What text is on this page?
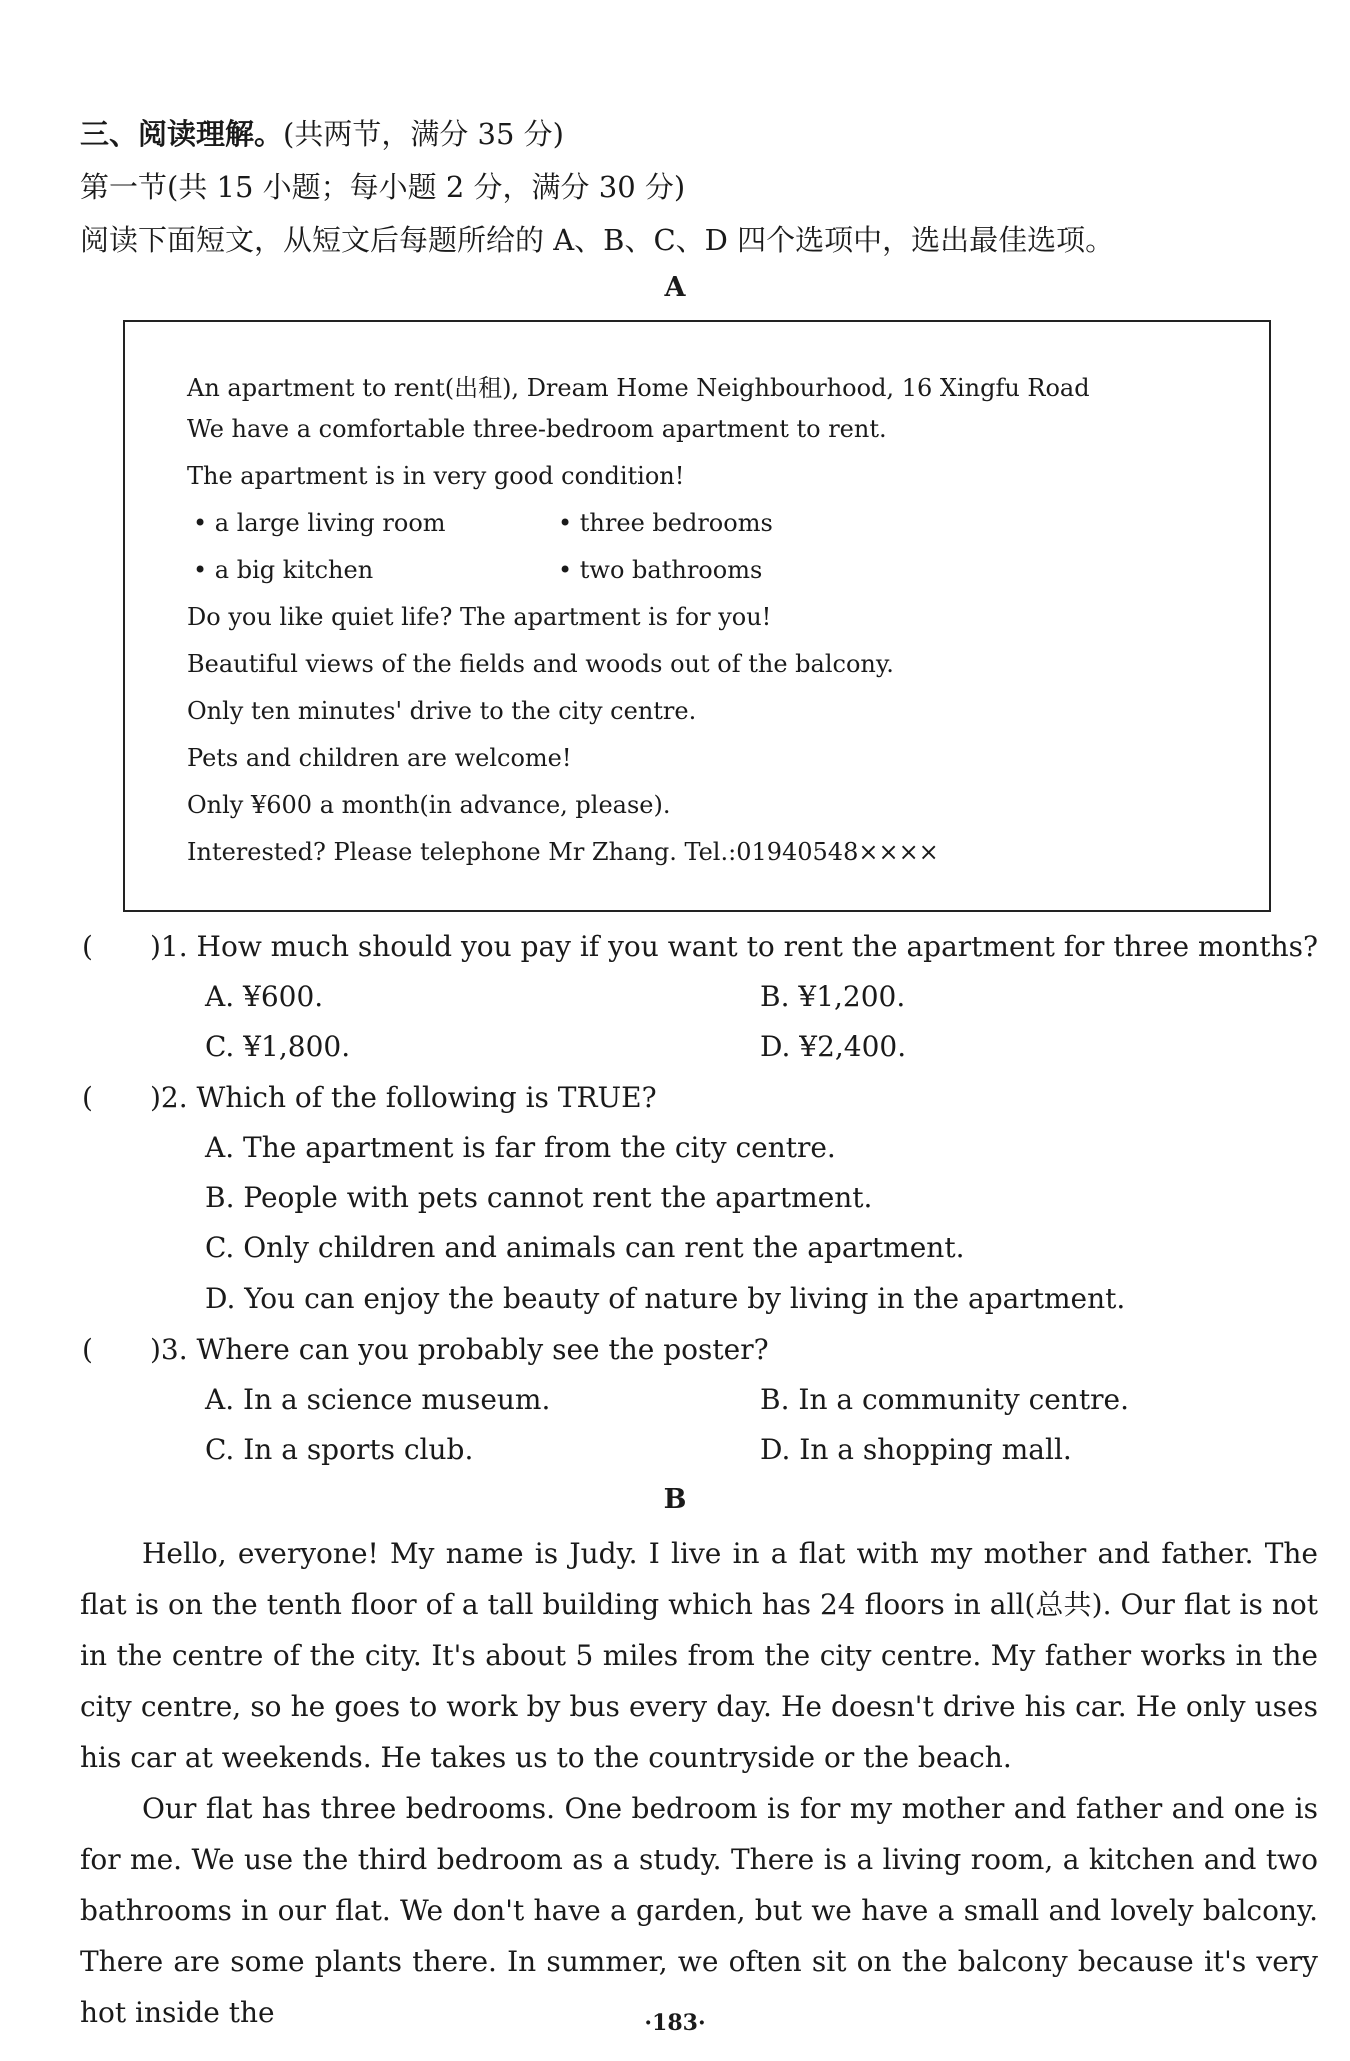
三、阅读理解。(共两节，满分 35 分)
第一节(共 15 小题；每小题 2 分，满分 30 分)
阅读下面短文，从短文后每题所给的 A、B、C、D 四个选项中，选出最佳选项。
A
An apartment to rent(出租), Dream Home Neighbourhood, 16 Xingfu Road
We have a comfortable three-bedroom apartment to rent.
The apartment is in very good condition!
• a large living room	• three bedrooms
• a big kitchen	• two bathrooms
Do you like quiet life? The apartment is for you!
Beautiful views of the fields and woods out of the balcony.
Only ten minutes' drive to the city centre.
Pets and children are welcome!
Only ¥600 a month(in advance, please).
Interested? Please telephone Mr Zhang. Tel.:01940548××××
( )1. How much should you pay if you want to rent the apartment for three months?
A. ¥600.	B. ¥1,200.
C. ¥1,800.	D. ¥2,400.
( )2. Which of the following is TRUE?
A. The apartment is far from the city centre.
B. People with pets cannot rent the apartment.
C. Only children and animals can rent the apartment.
D. You can enjoy the beauty of nature by living in the apartment.
( )3. Where can you probably see the poster?
A. In a science museum.	B. In a community centre.
C. In a sports club.	D. In a shopping mall.
B
Hello, everyone! My name is Judy. I live in a flat with my mother and father. The flat is on the tenth floor of a tall building which has 24 floors in all(总共). Our flat is not in the centre of the city. It's about 5 miles from the city centre. My father works in the city centre, so he goes to work by bus every day. He doesn't drive his car. He only uses his car at weekends. He takes us to the countryside or the beach.
Our flat has three bedrooms. One bedroom is for my mother and father and one is for me. We use the third bedroom as a study. There is a living room, a kitchen and two bathrooms in our flat. We don't have a garden, but we have a small and lovely balcony. There are some plants there. In summer, we often sit on the balcony because it's very hot inside the	·183·
